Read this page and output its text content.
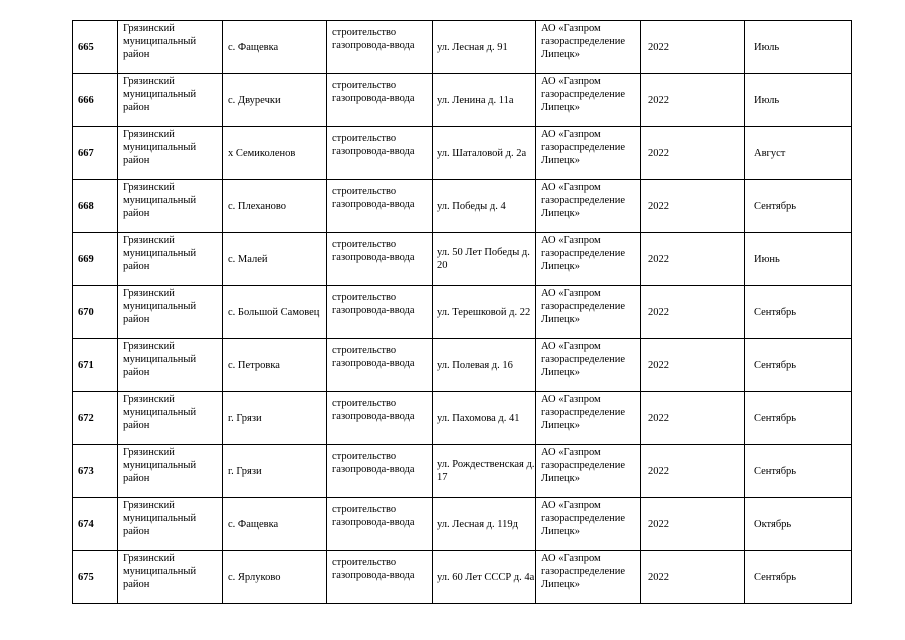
665	Грязинский муниципальный район	с. Фащевка	строительство газопровода-ввода	ул. Лесная д. 91	АО «Газпром газораспределение Липецк»	2022	Июль
666	Грязинский муниципальный район	с. Двуречки	строительство газопровода-ввода	ул. Ленина д. 11а	АО «Газпром газораспределение Липецк»	2022	Июль
667	Грязинский муниципальный район	х Семиколенов	строительство газопровода-ввода	ул. Шаталовой д. 2а	АО «Газпром газораспределение Липецк»	2022	Август
668	Грязинский муниципальный район	с. Плеханово	строительство газопровода-ввода	ул. Победы д. 4	АО «Газпром газораспределение Липецк»	2022	Сентябрь
669	Грязинский муниципальный район	с. Малей	строительство газопровода-ввода	ул. 50 Лет Победы д. 20	АО «Газпром газораспределение Липецк»	2022	Июнь
670	Грязинский муниципальный район	с. Большой Самовец	строительство газопровода-ввода	ул. Терешковой д. 22	АО «Газпром газораспределение Липецк»	2022	Сентябрь
671	Грязинский муниципальный район	с. Петровка	строительство газопровода-ввода	ул. Полевая д. 16	АО «Газпром газораспределение Липецк»	2022	Сентябрь
672	Грязинский муниципальный район	г. Грязи	строительство газопровода-ввода	ул. Пахомова д. 41	АО «Газпром газораспределение Липецк»	2022	Сентябрь
673	Грязинский муниципальный район	г. Грязи	строительство газопровода-ввода	ул. Рождественская д. 17	АО «Газпром газораспределение Липецк»	2022	Сентябрь
674	Грязинский муниципальный район	с. Фащевка	строительство газопровода-ввода	ул. Лесная д. 119д	АО «Газпром газораспределение Липецк»	2022	Октябрь
675	Грязинский муниципальный район	с. Ярлуково	строительство газопровода-ввода	ул. 60 Лет СССР д. 4а	АО «Газпром газораспределение Липецк»	2022	Сентябрь
